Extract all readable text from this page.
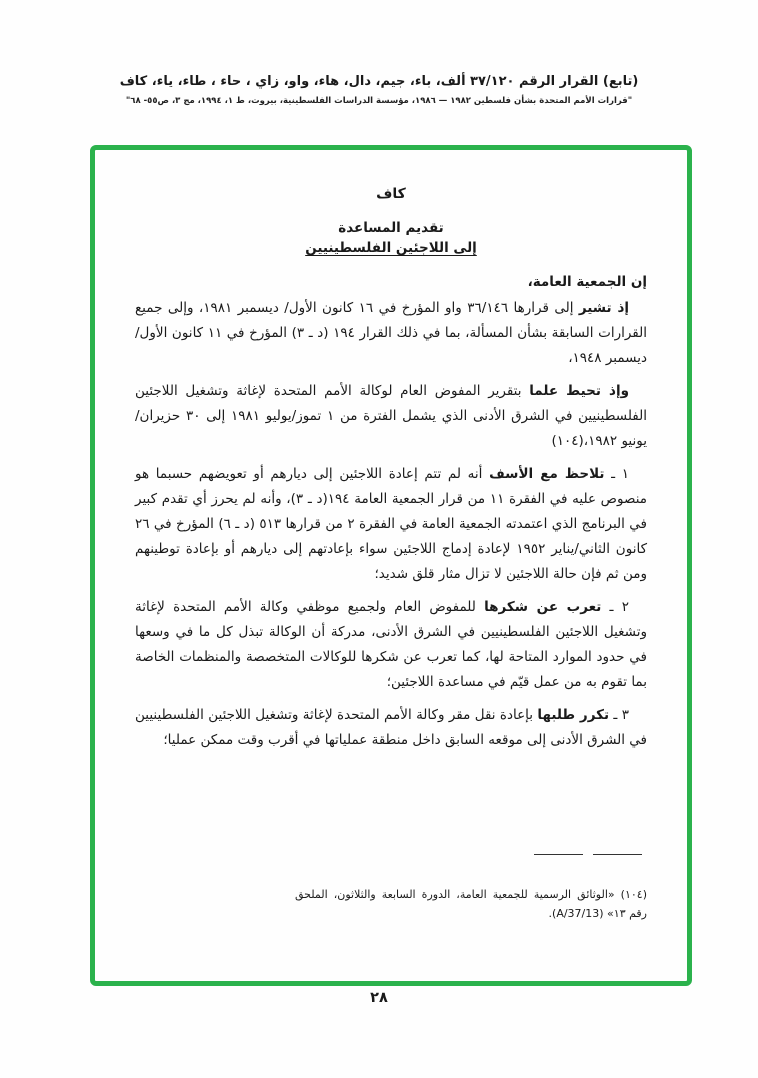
(تابع) القرار الرقم ٣٧/١٢٠ ألف، باء، جيم، دال، هاء، واو، زاي ، حاء ، طاء، ياء، كاف
"قرارات الأمم المتحدة بشأن فلسطين ١٩٨٢ — ١٩٨٦، مؤسسة الدراسات الفلسطينية، بيروت، ط ١، ١٩٩٤، مج ٣، ص٥٥- ٦٨"
كاف
تقديم المساعدة
إلى اللاجئين الفلسطينيين
إن الجمعية العامة،

إذ تشير إلى قرارها ٣٦/١٤٦ واو المؤرخ في ١٦ كانون الأول/ ديسمبر ١٩٨١، وإلى جميع القرارات السابقة بشأن المسألة، بما في ذلك القرار ١٩٤ (د ـ ٣) المؤرخ في ١١ كانون الأول/ديسمبر ١٩٤٨،

وإذ تحيط علما بتقرير المفوض العام لوكالة الأمم المتحدة لإغاثة وتشغيل اللاجئين الفلسطينيين في الشرق الأدنى الذي يشمل الفترة من ١ تموز/يوليو ١٩٨١ إلى ٣٠ حزيران/يونيو ١٩٨٢،(١٠٤)

١ ـ تلاحظ مع الأسف أنه لم تتم إعادة اللاجئين إلى ديارهم أو تعويضهم حسبما هو منصوص عليه في الفقرة ١١ من قرار الجمعية العامة ١٩٤(د ـ ٣)، وأنه لم يحرز أي تقدم كبير في البرنامج الذي اعتمدته الجمعية العامة في الفقرة ٢ من قرارها ٥١٣ (د ـ ٦) المؤرخ في ٢٦ كانون الثاني/يناير ١٩٥٢ لإعادة إدماج اللاجئين سواء بإعادتهم إلى ديارهم أو بإعادة توطينهم ومن ثم فإن حالة اللاجئين لا تزال مثار قلق شديد؛

٢ ـ تعرب عن شكرها للمفوض العام ولجميع موظفي وكالة الأمم المتحدة لإغاثة وتشغيل اللاجئين الفلسطينيين في الشرق الأدنى، مدركة أن الوكالة تبذل كل ما في وسعها في حدود الموارد المتاحة لها، كما تعرب عن شكرها للوكالات المتخصصة والمنظمات الخاصة بما تقوم به من عمل قيّم في مساعدة اللاجئين؛

٣ ـ تكرر طلبها بإعادة نقل مقر وكالة الأمم المتحدة لإغاثة وتشغيل اللاجئين الفلسطينيين في الشرق الأدنى إلى موقعه السابق داخل منطقة عملياتها في أقرب وقت ممكن عمليا؛

(١٠٤) «الوثائق الرسمية للجمعية العامة، الدورة السابعة والثلاثون، الملحق رقم ١٣» (A/37/13).
٢٨
